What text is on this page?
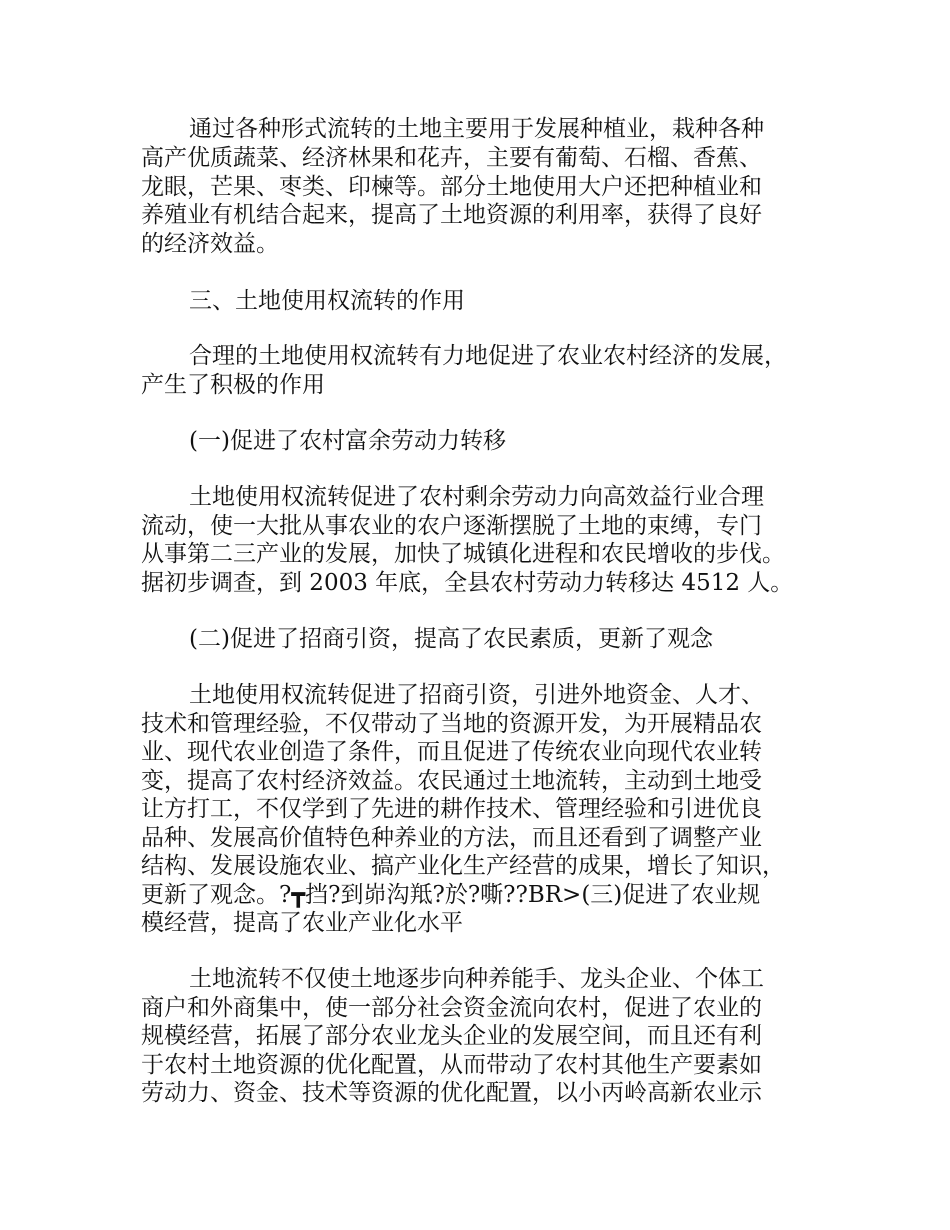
通过各种形式流转的土地主要用于发展种植业，栽种各种
高产优质蔬菜、经济林果和花卉，主要有葡萄、石榴、香蕉、
龙眼，芒果、枣类、印楝等。部分土地使用大户还把种植业和
养殖业有机结合起来，提高了土地资源的利用率，获得了良好
的经济效益。
三、土地使用权流转的作用
合理的土地使用权流转有力地促进了农业农村经济的发展，
产生了积极的作用
(一)促进了农村富余劳动力转移
土地使用权流转促进了农村剩余劳动力向高效益行业合理
流动，使一大批从事农业的农户逐渐摆脱了土地的束缚，专门
从事第二三产业的发展，加快了城镇化进程和农民增收的步伐。
据初步调查，到 2003 年底，全县农村劳动力转移达 4512 人。
(二)促进了招商引资，提高了农民素质，更新了观念
土地使用权流转促进了招商引资，引进外地资金、人才、
技术和管理经验，不仅带动了当地的资源开发，为开展精品农
业、现代农业创造了条件，而且促进了传统农业向现代农业转
变，提高了农村经济效益。农民通过土地流转，主动到土地受
让方打工，不仅学到了先进的耕作技术、管理经验和引进优良
品种、发展高价值特色种养业的方法，而且还看到了调整产业
结构、发展设施农业、搞产业化生产经营的成果，增长了知识，
更新了观念。?┳挡?到峁沟羝?於?嘶??BR>(三)促进了农业规
模经营，提高了农业产业化水平
土地流转不仅使土地逐步向种养能手、龙头企业、个体工
商户和外商集中，使一部分社会资金流向农村，促进了农业的
规模经营，拓展了部分农业龙头企业的发展空间，而且还有利
于农村土地资源的优化配置，从而带动了农村其他生产要素如
劳动力、资金、技术等资源的优化配置，以小丙岭高新农业示
